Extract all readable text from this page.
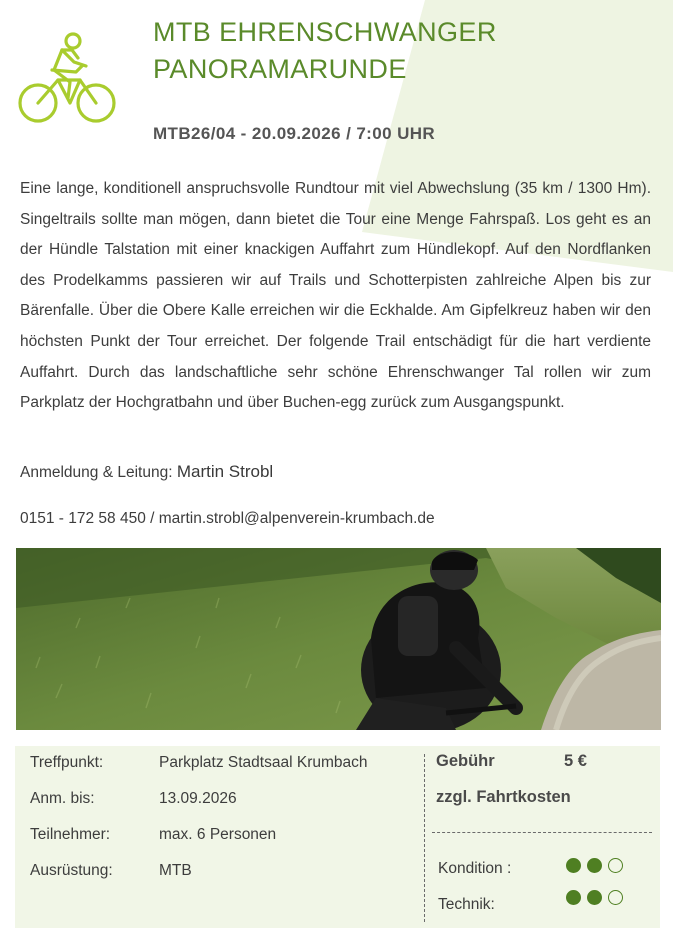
MTB EHRENSCHWANGER
PANORAMARUNDE
MTB26/04 - 20.09.2026 / 7:00 UHR

Eine lange, konditionell anspruchsvolle Rundtour mit viel Abwechslung (35 km / 1300 Hm). Singeltrails sollte man mögen, dann bietet die Tour eine Menge Fahrspaß. Los geht es an der Hündle Talstation mit einer knackigen Auffahrt zum Hündlekopf. Auf den Nordflanken des Prodelkamms passieren wir auf Trails und Schotterpisten zahlreiche Alpen bis zur Bärenfalle. Über die Obere Kalle erreichen wir die Eckhalde. Am Gipfelkreuz haben wir den höchsten Punkt der Tour erreichet. Der folgende Trail entschädigt für die hart verdiente Auffahrt. Durch das landschaftliche sehr schöne Ehrenschwanger Tal rollen wir zum Parkplatz der Hochgratbahn und über Buchen-egg zurück zum Ausgangspunkt.

Anmeldung & Leitung: Martin Strobl
0151 - 172 58 450 / martin.strobl@alpenverein-krumbach.de
Treffpunkt:	Parkplatz Stadtsaal Krumbach
Anm. bis:	13.09.2026
Teilnehmer:	max. 6 Personen
Ausrüstung:	MTB
Gebühr	5 €
zzgl. Fahrtkosten
Kondition :
Technik:
